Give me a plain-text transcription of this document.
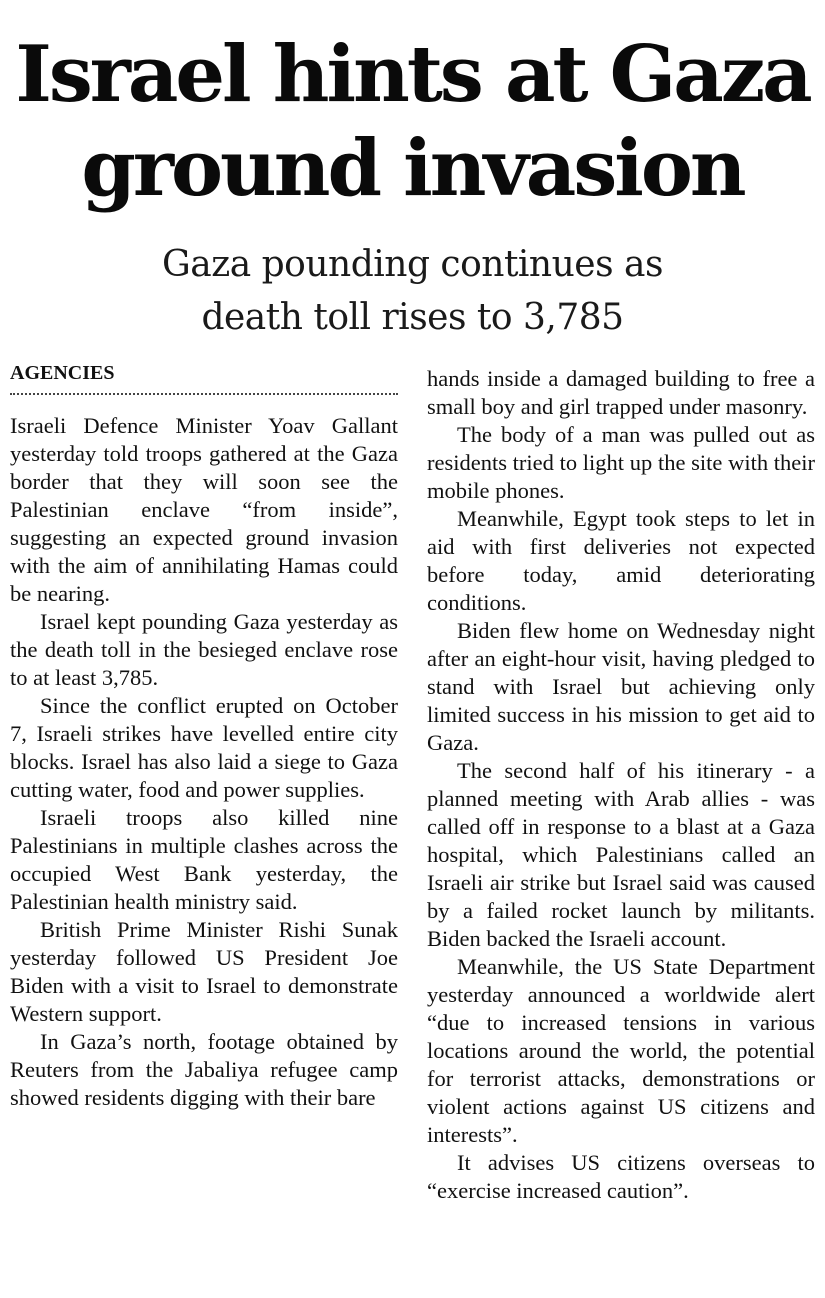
Israel hints at Gaza
ground invasion
Gaza pounding continues as
death toll rises to 3,785
AGENCIES

Israeli Defence Minister Yoav Gallant yesterday told troops gathered at the Gaza border that they will soon see the Palestinian enclave “from inside”, suggesting an expected ground invasion with the aim of annihilating Hamas could be nearing.

Israel kept pounding Gaza yesterday as the death toll in the besieged enclave rose to at least 3,785.

Since the conflict erupted on October 7, Israeli strikes have levelled entire city blocks. Israel has also laid a siege to Gaza cutting water, food and power supplies.

Israeli troops also killed nine Palestinians in multiple clashes across the occupied West Bank yesterday, the Palestinian health ministry said.

British Prime Minister Rishi Sunak yesterday followed US President Joe Biden with a visit to Israel to demonstrate Western support.

In Gaza’s north, footage obtained by Reuters from the Jabaliya refugee camp showed residents digging with their bare

hands inside a damaged building to free a small boy and girl trapped under masonry.

The body of a man was pulled out as residents tried to light up the site with their mobile phones.

Meanwhile, Egypt took steps to let in aid with first deliveries not expected before today, amid deteriorating conditions.

Biden flew home on Wednesday night after an eight-hour visit, having pledged to stand with Israel but achieving only limited success in his mission to get aid to Gaza.

The second half of his itinerary - a planned meeting with Arab allies - was called off in response to a blast at a Gaza hospital, which Palestinians called an Israeli air strike but Israel said was caused by a failed rocket launch by militants. Biden backed the Israeli account.

Meanwhile, the US State Department yesterday announced a worldwide alert “due to increased tensions in various locations around the world, the potential for terrorist attacks, demonstrations or violent actions against US citizens and interests”.

It advises US citizens overseas to “exercise increased caution”.
